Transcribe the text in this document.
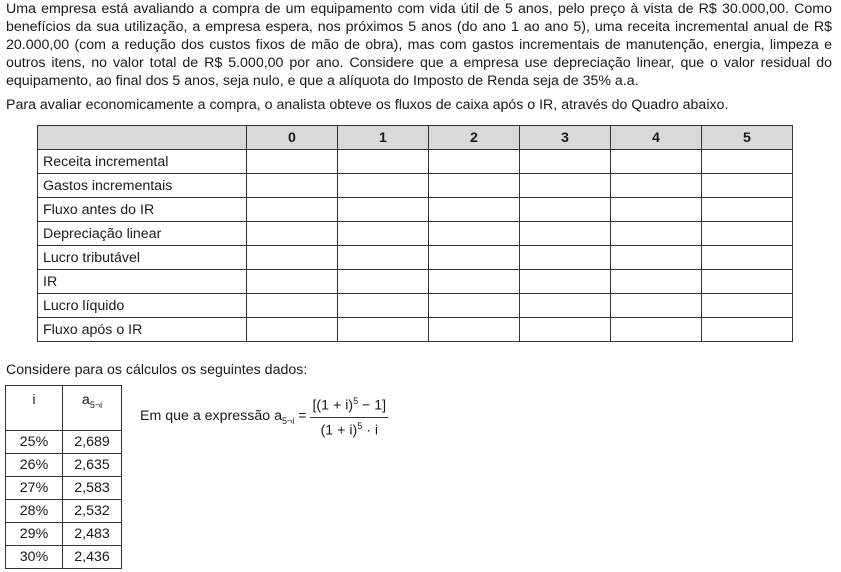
Uma empresa está avaliando a compra de um equipamento com vida útil de 5 anos, pelo preço à vista de R$ 30.000,00. Como benefícios da sua utilização, a empresa espera, nos próximos 5 anos (do ano 1 ao ano 5), uma receita incremental anual de R$ 20.000,00 (com a redução dos custos fixos de mão de obra), mas com gastos incrementais de manutenção, energia, limpeza e outros itens, no valor total de R$ 5.000,00 por ano. Considere que a empresa use depreciação linear, que o valor residual do equipamento, ao final dos 5 anos, seja nulo, e que a alíquota do Imposto de Renda seja de 35% a.a.
Para avaliar economicamente a compra, o analista obteve os fluxos de caixa após o IR, através do Quadro abaixo.
	0	1	2	3	4	5
Receita incremental						
Gastos incrementais						
Fluxo antes do IR						
Depreciação linear						
Lucro tributável						
IR						
Lucro líquido						
Fluxo após o IR						
Considere para os cálculos os seguintes dados:
i	$a_{5\neg i}$
25%	2,689
26%	2,635
27%	2,583
28%	2,532
29%	2,483
30%	2,436
Em que a expressão $a_{5\neg i} = \frac{[(1 + i)^5 - 1]}{(1 + i)^5 \cdot i}$
